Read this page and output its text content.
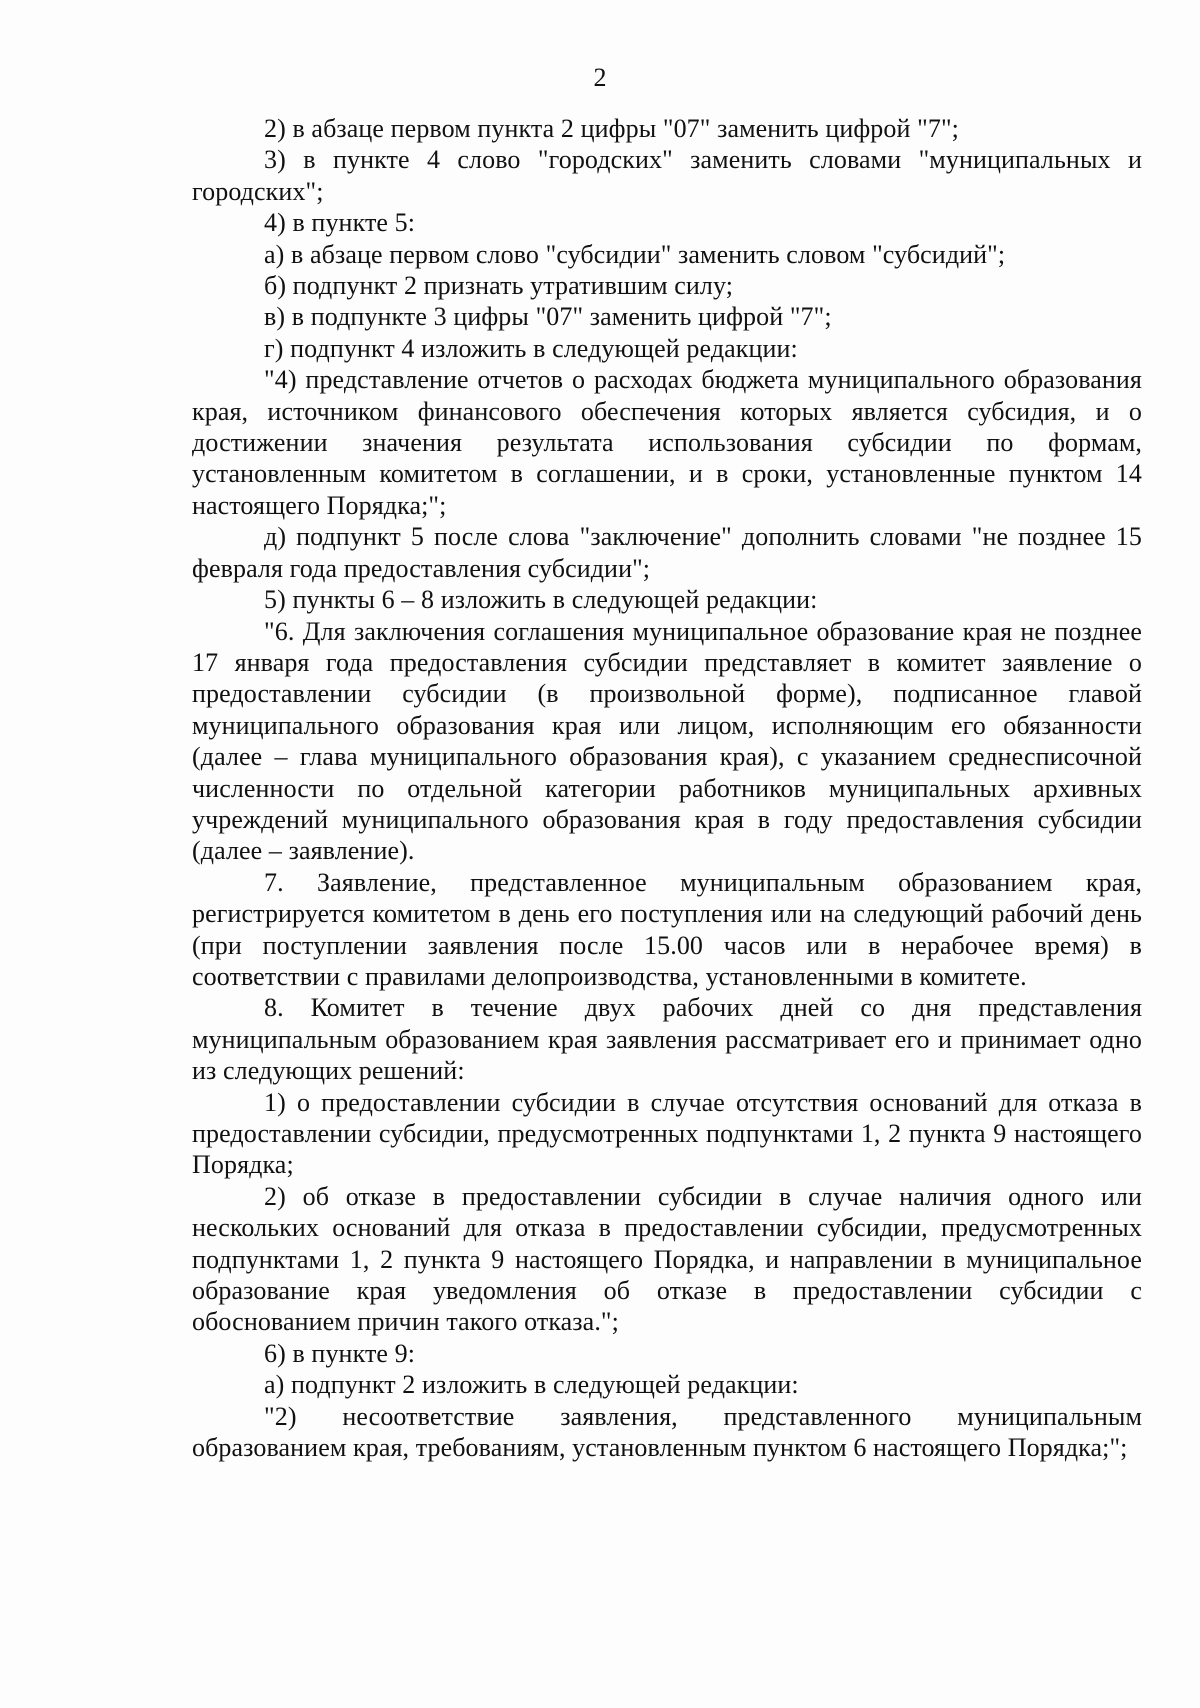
2

2) в абзаце первом пункта 2 цифры "07" заменить цифрой "7";

3) в пункте 4 слово "городских" заменить словами "муниципальных и городских";

4) в пункте 5:

а) в абзаце первом слово "субсидии" заменить словом "субсидий";

б) подпункт 2 признать утратившим силу;

в) в подпункте 3 цифры "07" заменить цифрой "7";

г) подпункт 4 изложить в следующей редакции:

"4) представление отчетов о расходах бюджета муниципального образования края, источником финансового обеспечения которых является субсидия, и о достижении значения результата использования субсидии по формам, установленным комитетом в соглашении, и в сроки, установленные пунктом 14 настоящего Порядка;";

д) подпункт 5 после слова "заключение" дополнить словами "не позднее 15 февраля года предоставления субсидии";

5) пункты 6 – 8 изложить в следующей редакции:

"6. Для заключения соглашения муниципальное образование края не позднее 17 января года предоставления субсидии представляет в комитет заявление о предоставлении субсидии (в произвольной форме), подписанное главой муниципального образования края или лицом, исполняющим его обязанности (далее – глава муниципального образования края), с указанием среднесписочной численности по отдельной категории работников муниципальных архивных учреждений муниципального образования края в году предоставления субсидии (далее – заявление).

7. Заявление, представленное муниципальным образованием края, регистрируется комитетом в день его поступления или на следующий рабочий день (при поступлении заявления после 15.00 часов или в нерабочее время) в соответствии с правилами делопроизводства, установленными в комитете.

8. Комитет в течение двух рабочих дней со дня представления муниципальным образованием края заявления рассматривает его и принимает одно из следующих решений:

1) о предоставлении субсидии в случае отсутствия оснований для отказа в предоставлении субсидии, предусмотренных подпунктами 1, 2 пункта 9 настоящего Порядка;

2) об отказе в предоставлении субсидии в случае наличия одного или нескольких оснований для отказа в предоставлении субсидии, предусмотренных подпунктами 1, 2 пункта 9 настоящего Порядка, и направлении в муниципальное образование края уведомления об отказе в предоставлении субсидии с обоснованием причин такого отказа.";

6) в пункте 9:

а) подпункт 2 изложить в следующей редакции:

"2) несоответствие заявления, представленного муниципальным образованием края, требованиям, установленным пунктом 6 настоящего Порядка;";
